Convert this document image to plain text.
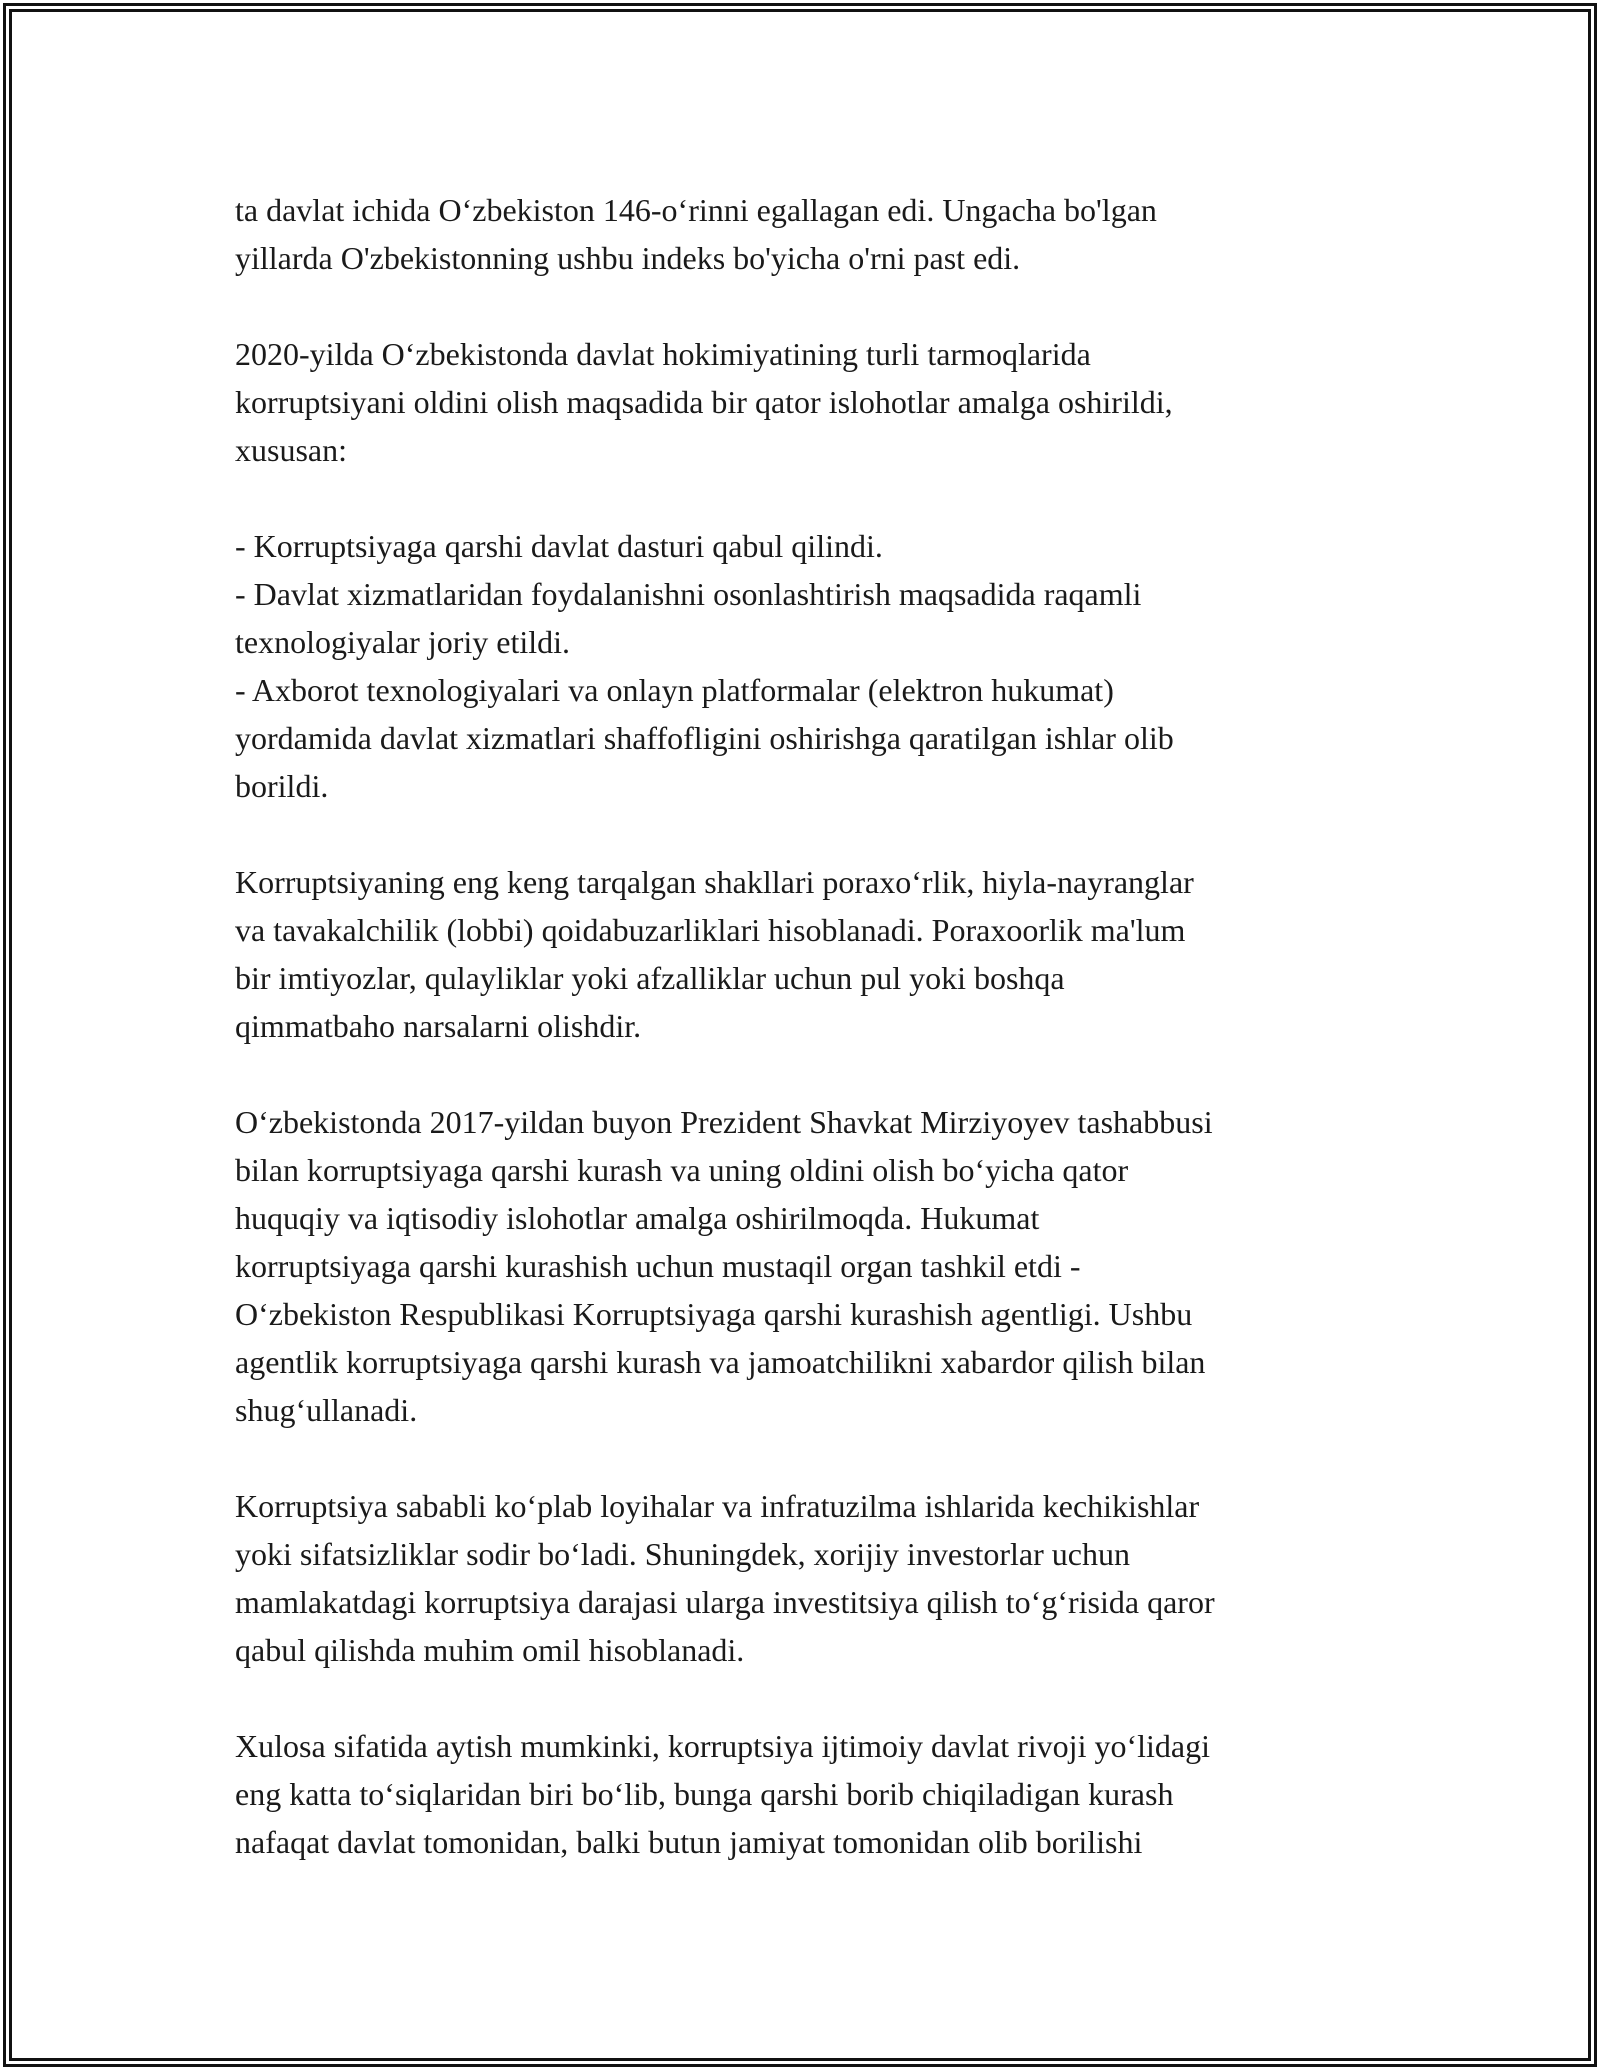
ta davlat ichida O‘zbekiston 146-o‘rinni egallagan edi. Ungacha bo'lgan
yillarda O'zbekistonning ushbu indeks bo'yicha o'rni past edi.

2020-yilda O‘zbekistonda davlat hokimiyatining turli tarmoqlarida
korruptsiyani oldini olish maqsadida bir qator islohotlar amalga oshirildi,
xususan:

- Korruptsiyaga qarshi davlat dasturi qabul qilindi.
- Davlat xizmatlaridan foydalanishni osonlashtirish maqsadida raqamli
texnologiyalar joriy etildi.
- Axborot texnologiyalari va onlayn platformalar (elektron hukumat)
yordamida davlat xizmatlari shaffofligini oshirishga qaratilgan ishlar olib
borildi.

Korruptsiyaning eng keng tarqalgan shakllari poraxo‘rlik, hiyla-nayranglar
va tavakalchilik (lobbi) qoidabuzarliklari hisoblanadi. Poraxoorlik ma'lum
bir imtiyozlar, qulayliklar yoki afzalliklar uchun pul yoki boshqa
qimmatbaho narsalarni olishdir.

O‘zbekistonda 2017-yildan buyon Prezident Shavkat Mirziyoyev tashabbusi
bilan korruptsiyaga qarshi kurash va uning oldini olish bo‘yicha qator
huquqiy va iqtisodiy islohotlar amalga oshirilmoqda. Hukumat
korruptsiyaga qarshi kurashish uchun mustaqil organ tashkil etdi -
O‘zbekiston Respublikasi Korruptsiyaga qarshi kurashish agentligi. Ushbu
agentlik korruptsiyaga qarshi kurash va jamoatchilikni xabardor qilish bilan
shug‘ullanadi.

Korruptsiya sababli ko‘plab loyihalar va infratuzilma ishlarida kechikishlar
yoki sifatsizliklar sodir bo‘ladi. Shuningdek, xorijiy investorlar uchun
mamlakatdagi korruptsiya darajasi ularga investitsiya qilish to‘g‘risida qaror
qabul qilishda muhim omil hisoblanadi.

Xulosa sifatida aytish mumkinki, korruptsiya ijtimoiy davlat rivoji yo‘lidagi
eng katta to‘siqlaridan biri bo‘lib, bunga qarshi borib chiqiladigan kurash
nafaqat davlat tomonidan, balki butun jamiyat tomonidan olib borilishi
